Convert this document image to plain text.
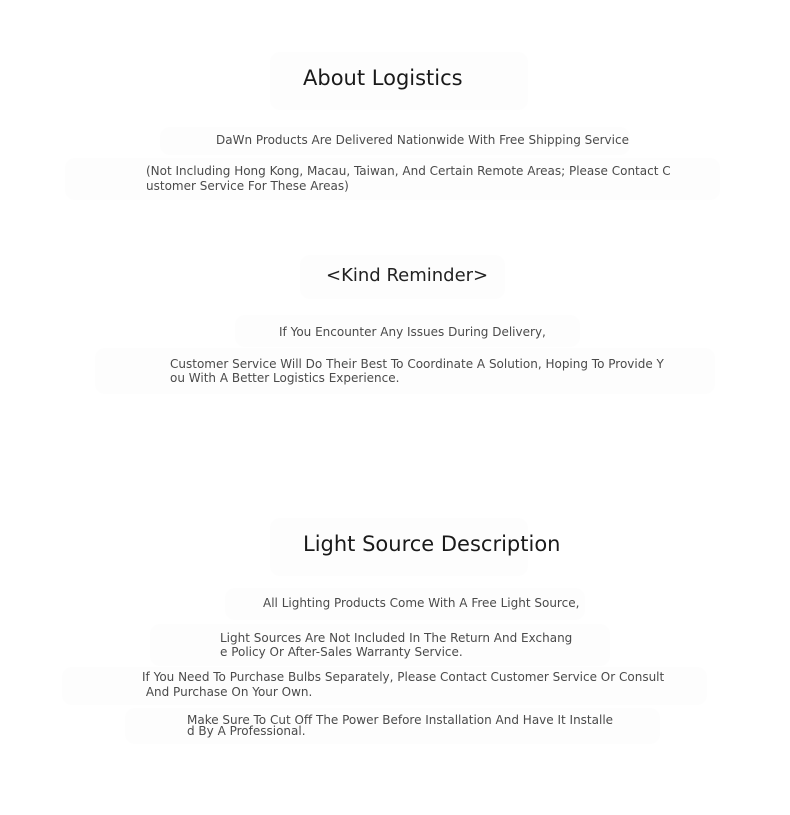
About Logistics

DaWn Products Are Delivered Nationwide With Free Shipping Service

(Not Including Hong Kong, Macau, Taiwan, And Certain Remote Areas; Please Contact C

ustomer Service For These Areas)

<Kind Reminder>

If You Encounter Any Issues During Delivery,

Customer Service Will Do Their Best To Coordinate A Solution, Hoping To Provide Y

ou With A Better Logistics Experience.

Light Source Description

All Lighting Products Come With A Free Light Source,

Light Sources Are Not Included In The Return And Exchang

e Policy Or After-Sales Warranty Service.

If You Need To Purchase Bulbs Separately, Please Contact Customer Service Or Consult

And Purchase On Your Own.

Make Sure To Cut Off The Power Before Installation And Have It Installe

d By A Professional.
